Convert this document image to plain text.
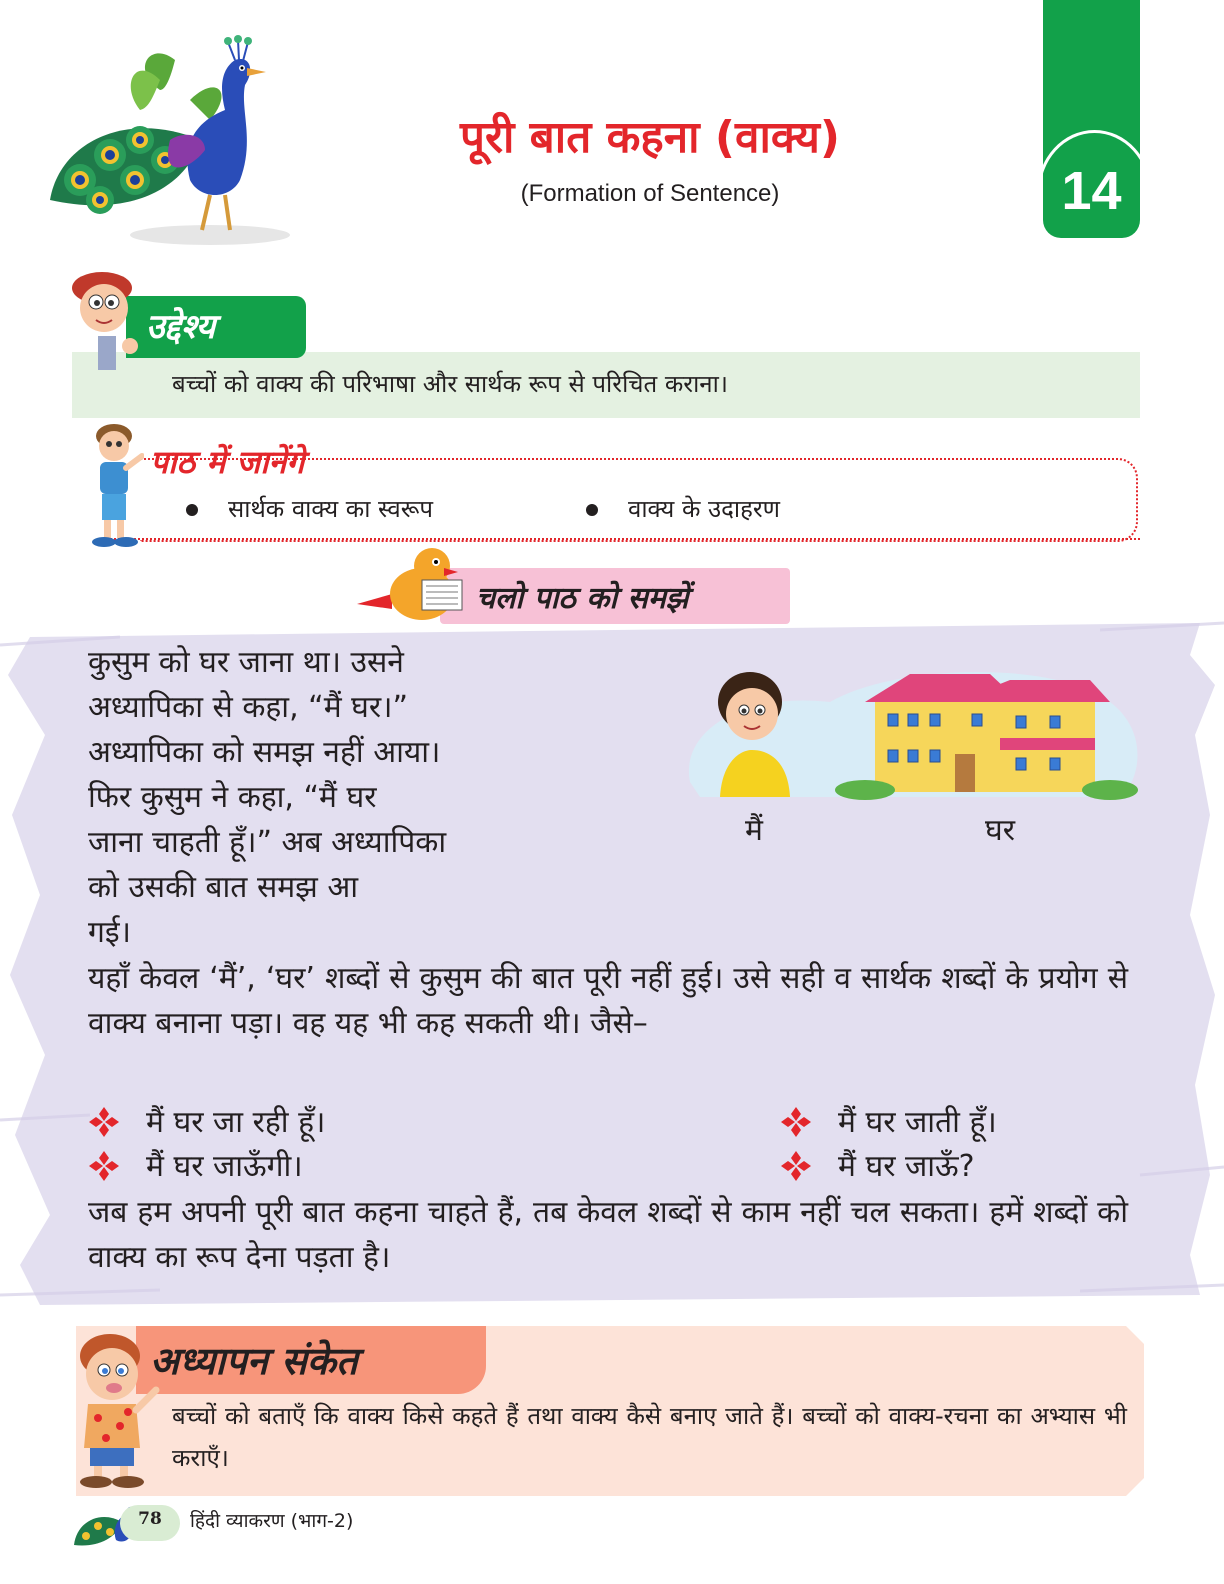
पूरी बात कहना (वाक्य)
(Formation of Sentence)	14
उद्देश्य
बच्चों को वाक्य की परिभाषा और सार्थक रूप से परिचित कराना।
पाठ में जानेंगे
सार्थक वाक्य का स्वरूप	वाक्य के उदाहरण
चलो पाठ को समझें
कुसुम को घर जाना था। उसने
अध्यापिका से कहा, “मैं घर।”
अध्यापिका को समझ नहीं आया।
फिर कुसुम ने कहा, “मैं घर
जाना चाहती हूँ।” अब अध्यापिका
को उसकी बात समझ आ
गई।
मैं	घर
यहाँ केवल ‘मैं’, ‘घर’ शब्दों से कुसुम की बात पूरी नहीं हुई। उसे सही व सार्थक शब्दों के प्रयोग से वाक्य बनाना पड़ा। वह यह भी कह सकती थी। जैसे–
मैं घर जा रही हूँ।	मैं घर जाती हूँ।
मैं घर जाऊँगी।	मैं घर जाऊँ?
जब हम अपनी पूरी बात कहना चाहते हैं, तब केवल शब्दों से काम नहीं चल सकता। हमें शब्दों को वाक्य का रूप देना पड़ता है।
अध्यापन संकेत
बच्चों को बताएँ कि वाक्य किसे कहते हैं तथा वाक्य कैसे बनाए जाते हैं। बच्चों को वाक्य-रचना का अभ्यास भी कराएँ।
78	हिंदी व्याकरण (भाग-2)
